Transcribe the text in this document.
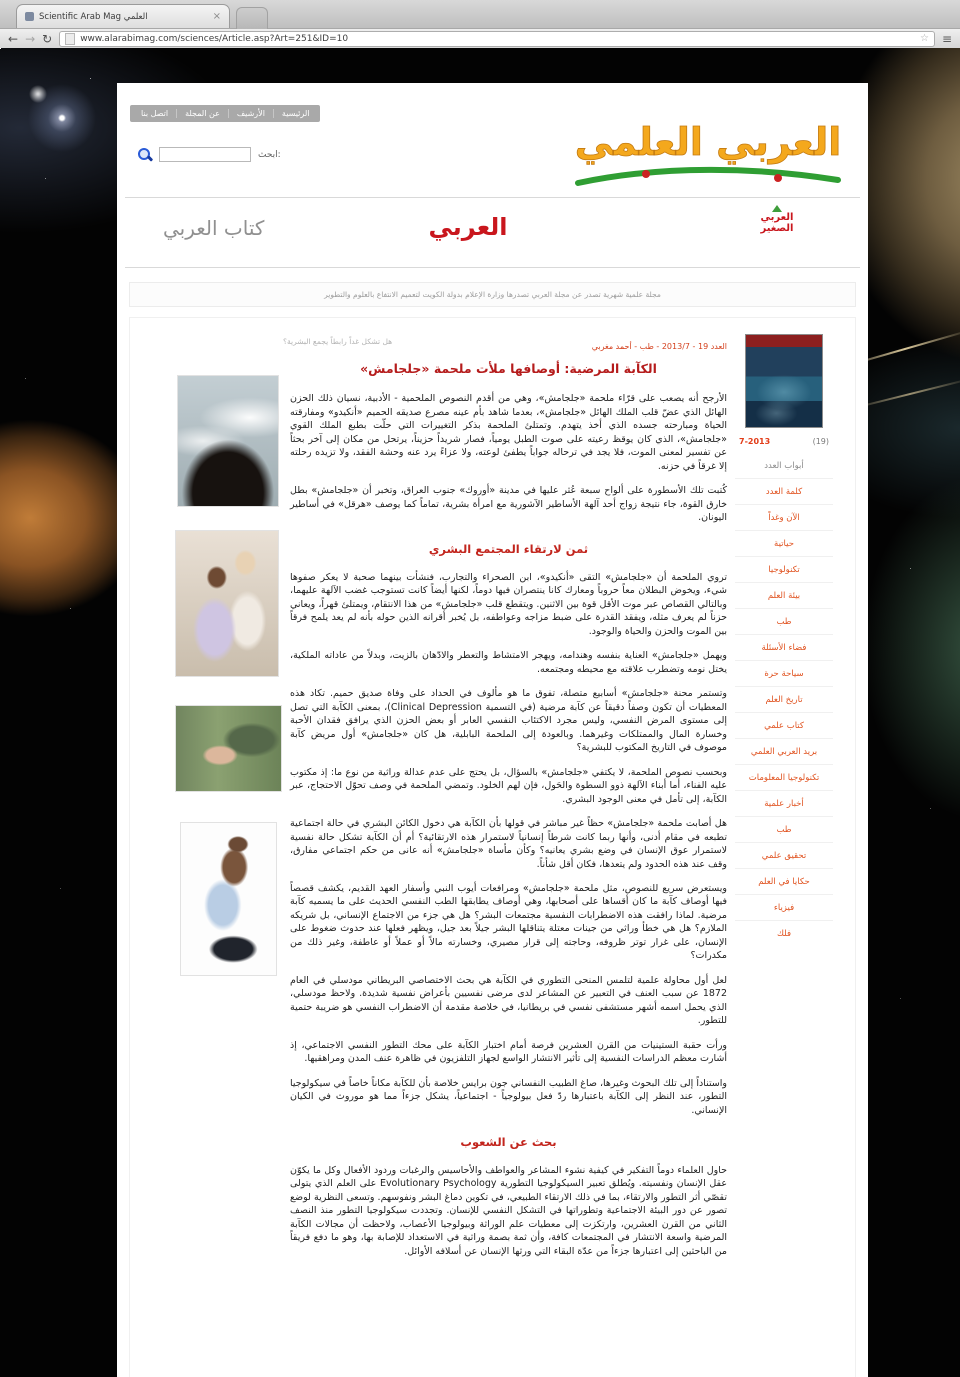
Scientific Arab Mag العلمي	×
← → ↻	www.alarabimag.com/sciences/Article.asp?Art=251&ID=10	☆ ≡
الرئيسية
الأرشيف
عن المجلة
اتصل بنا
ابحث:	العربي العلمي
كتاب العربي	العربي	العربي
الصغير
مجلة علمية شهرية تصدر عن مجلة العربي تصدرها وزارة الإعلام بدولة الكويت لتعميم الانتفاع بالعلوم والتطوير
هل تشكل غداً رابطاً يجمع البشرية؟
العدد 19 - 2013/7 - طب - أحمد مغربي
الكآبة المرضية: أوصافها ملأت ملحمة «جلجامش»

الأرجح أنه يصعب على قرّاء ملحمة «جلجامش»، وهي من أقدم النصوص الملحمية - الأدبية، نسيان ذلك الحزن الهائل الذي عضّ قلب الملك الهائل «جلجامش»، بعدما شاهد بأم عينه مصرع صديقه الحميم «أنكيدو» ومفارقته الحياة ومبارحته جسده الذي أخذ يتهدم. وتمتلئ الملحمة بذكر التغييرات التي حلّت بطبع الملك القوي «جلجامش»، الذي كان يوقظ رعيته على صوت الطبل يومياً، فصار شريداً حزيناً، يرتحل من مكان إلى آخر بحثاً عن تفسير لمعنى الموت، فلا يجد في ترحاله جواباً يطفئ لوعته، ولا عزاءً يرد عنه وحشة الفقد، ولا تزيده رحلته إلا غرقاً في حزنه.

كُتبت تلك الأسطورة على ألواح سبعة عُثر عليها في مدينة «أوروك» جنوب العراق، وتخبر أن «جلجامش» بطل خارق القوة، جاء نتيجة زواج أحد آلهة الأساطير الآشورية مع امرأة بشرية، تماماً كما يوصف «هرقل» في أساطير اليونان.

ثمن لارتقاء المجتمع البشري

تروي الملحمة أن «جلجامش» التقى «أنكيدو»، ابن الصحراء والتجارب، فنشأت بينهما صحبة لا يعكر صفوها شيء، ويخوض البطلان معاً حروباً ومعارك كانا ينتصران فيها دوماً، لكنها أيضاً كانت تستوجب غضب الآلهة عليهما، وبالتالي القصاص عبر موت الأقل قوة بين الاثنين. ويتقطع قلب «جلجامش» من هذا الانتقام، ويمتلئ قهراً، ويعاني حزناً لم يعرف مثله، ويفقد القدرة على ضبط مزاجه وعواطفه، بل يُخبر أقرانه الذين حوله بأنه لم يعد يلمح فرقاً بين الموت والحزن والحياة والوجود.

ويهمل «جلجامش» العناية بنفسه وهندامه، ويهجر الامتشاط والتعطر والادّهان بالزيت، وبدلاً من عاداته الملكية، يختل نومه وتضطرب علاقته مع محيطه ومجتمعه.

وتستمر محنة «جلجامش» أسابيع متصلة، تفوق ما هو مألوف في الحداد على وفاة صديق حميم. تكاد هذه المعطيات أن تكون وصفاً دقيقاً عن كآبة مرضية (في التسمية Clinical Depression)، بمعنى الكآبة التي تصل إلى مستوى المرض النفسي، وليس مجرد الاكتئاب النفسي العابر أو بعض الحزن الذي يرافق فقدان الأحبة وخسارة المال والممتلكات وغيرهما. وبالعودة إلى الملحمة البابلية، هل كان «جلجامش» أول مريض كآبة موصوف في التاريخ المكتوب للبشرية؟

وبحسب نصوص الملحمة، لا يكتفي «جلجامش» بالسؤال، بل يحتج على عدم عدالة وراثية من نوع ما: إذ مكتوب عليه الفناء، أما أبناء الآلهة ذوو السطوة والحَول، فإن لهم الخلود. وتمضي الملحمة في وصف تحوّل الاحتجاج، عبر الكآبة، إلى تأمل في معنى الوجود البشري.

هل أصابت ملحمة «جلجامش» حظاً غير مباشر في قولها بأن الكآبة هي دخول الكائن البشري في حالة اجتماعية تطبعه في مقام أدنى، وأنها ربما كانت شرطاً إنسانياً لاستمرار هذه الارتقائية؟ أم أن الكآبة تشكل حالة نفسية لاستمرار عوق الإنسان في وضع بشري يعانيه؟ وكأن مأساة «جلجامش» أنه عانى من حكم اجتماعي مفارق، وقف عند هذه الحدود ولم يتعدها، فكان أقل شأناً.

ويستعرض سريع للنصوص، مثل ملحمة «جلجامش» ومرافعات أيوب النبي وأسفار العهد القديم، يكشف قصصاً فيها أوصاف كآبة ما كان أقساها على أصحابها، وهي أوصاف يطابقها الطب النفسي الحديث على ما يسميه كآبة مرضية. لماذا رافقت هذه الاضطرابات النفسية مجتمعات البشر؟ هل هي جزء من الاجتماع الإنساني، بل شريكه الملازم؟ هل هي خطأ وراثي من جينات معتلة يتناقلها البشر جيلاً بعد جيل، ويظهر فعلها عند حدوث ضغوط على الإنسان، على غرار توتر ظروفه، وحاجته إلى قرار مصيري، وخسارته مالاً أو عملاً أو عاطفة، وغير ذلك من مكدرات؟

لعل أول محاولة علمية لتلمس المنحى التطوري في الكآبة هي بحث الاختصاصي البريطاني مودسلي في العام 1872 عن سبب العنف في التعبير عن المشاعر لدى مرضى نفسيين بأعراض نفسية شديدة. ولاحظ مودسلي، الذي يحمل اسمه أشهر مستشفى نفسي في بريطانيا، في خلاصة مقدمة أن الاضطراب النفسي هو ضريبة حتمية للتطور.

ورأت حقبة الستينيات من القرن العشرين فرصة أمام اختبار الكآبة على محك التطور النفسي الاجتماعي، إذ أشارت معظم الدراسات النفسية إلى تأثير الانتشار الواسع لجهاز التلفزيون في ظاهرة عنف المدن ومراهقيها.

واستناداً إلى تلك البحوث وغيرها، صاغ الطبيب النفساني جون برايس خلاصة بأن للكآبة مكاناً خاصاً في سيكولوجيا التطور، عند النظر إلى الكآبة باعتبارها ردّ فعل بيولوجياً - اجتماعياً، يشكل جزءاً مما هو موروث في الكيان الإنساني.

بحث عن الشعوب

حاول العلماء دوماً التفكير في كيفية نشوء المشاعر والعواطف والأحاسيس والرغبات وردود الأفعال وكل ما يكوّن عقل الإنسان ونفسيته. ويُطلق تعبير السيكولوجيا التطورية Evolutionary Psychology على العلم الذي يتولى تقصّي أثر التطور والارتقاء، بما في ذلك الارتقاء الطبيعي، في تكوين دماغ البشر ونفوسهم. وتسعى النظرية لوضع تصور عن دور البيئة الاجتماعية وتطوراتها في التشكل النفسي للإنسان. وتجددت سيكولوجيا التطور منذ النصف الثاني من القرن العشرين، وارتكزت إلى معطيات علم الوراثة وبيولوجيا الأعصاب، ولاحظت أن مجالات الكآبة المرضية واسعة الانتشار في المجتمعات كافة، وأن ثمة بصمة وراثية في الاستعداد للإصابة بها، وهو ما دفع فريقاً من الباحثين إلى اعتبارها جزءاً من عدّة البقاء التي ورثها الإنسان عن أسلافه الأوائل.

7-2013	(19)
أبواب العدد
كلمة العدد
الآن وغداً
حياتية
تكنولوجيا
بيئة العلم
طب
فضاء الأسئلة
سياحة حرة
تاريخ العلم
كتاب علمي
بريد العربي العلمي
تكنولوجيا المعلومات
أخبار علمية
طب
تحقيق علمي
حكايا في العلم
فيزياء
فلك
